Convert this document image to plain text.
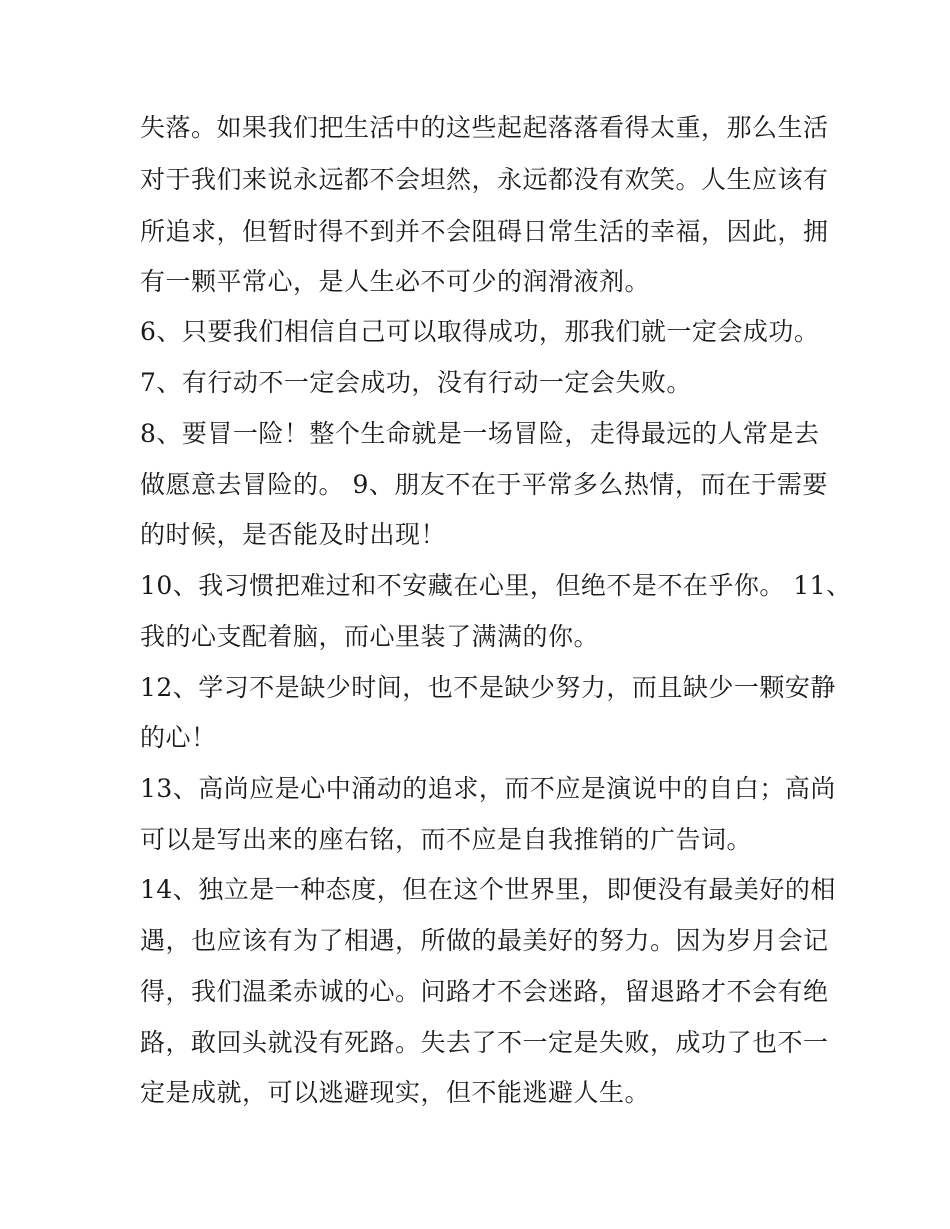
失落。如果我们把生活中的这些起起落落看得太重，那么生活
对于我们来说永远都不会坦然，永远都没有欢笑。人生应该有
所追求，但暂时得不到并不会阻碍日常生活的幸福，因此，拥
有一颗平常心，是人生必不可少的润滑液剂。
6、只要我们相信自己可以取得成功，那我们就一定会成功。
7、有行动不一定会成功，没有行动一定会失败。
8、要冒一险！整个生命就是一场冒险，走得最远的人常是去
做愿意去冒险的。 9、朋友不在于平常多么热情，而在于需要
的时候，是否能及时出现！
10、我习惯把难过和不安藏在心里，但绝不是不在乎你。 11、
我的心支配着脑，而心里装了满满的你。
12、学习不是缺少时间，也不是缺少努力，而且缺少一颗安静
的心！
13、高尚应是心中涌动的追求，而不应是演说中的自白；高尚
可以是写出来的座右铭，而不应是自我推销的广告词。
14、独立是一种态度，但在这个世界里，即便没有最美好的相
遇，也应该有为了相遇，所做的最美好的努力。因为岁月会记
得，我们温柔赤诚的心。问路才不会迷路，留退路才不会有绝
路，敢回头就没有死路。失去了不一定是失败，成功了也不一
定是成就，可以逃避现实，但不能逃避人生。
